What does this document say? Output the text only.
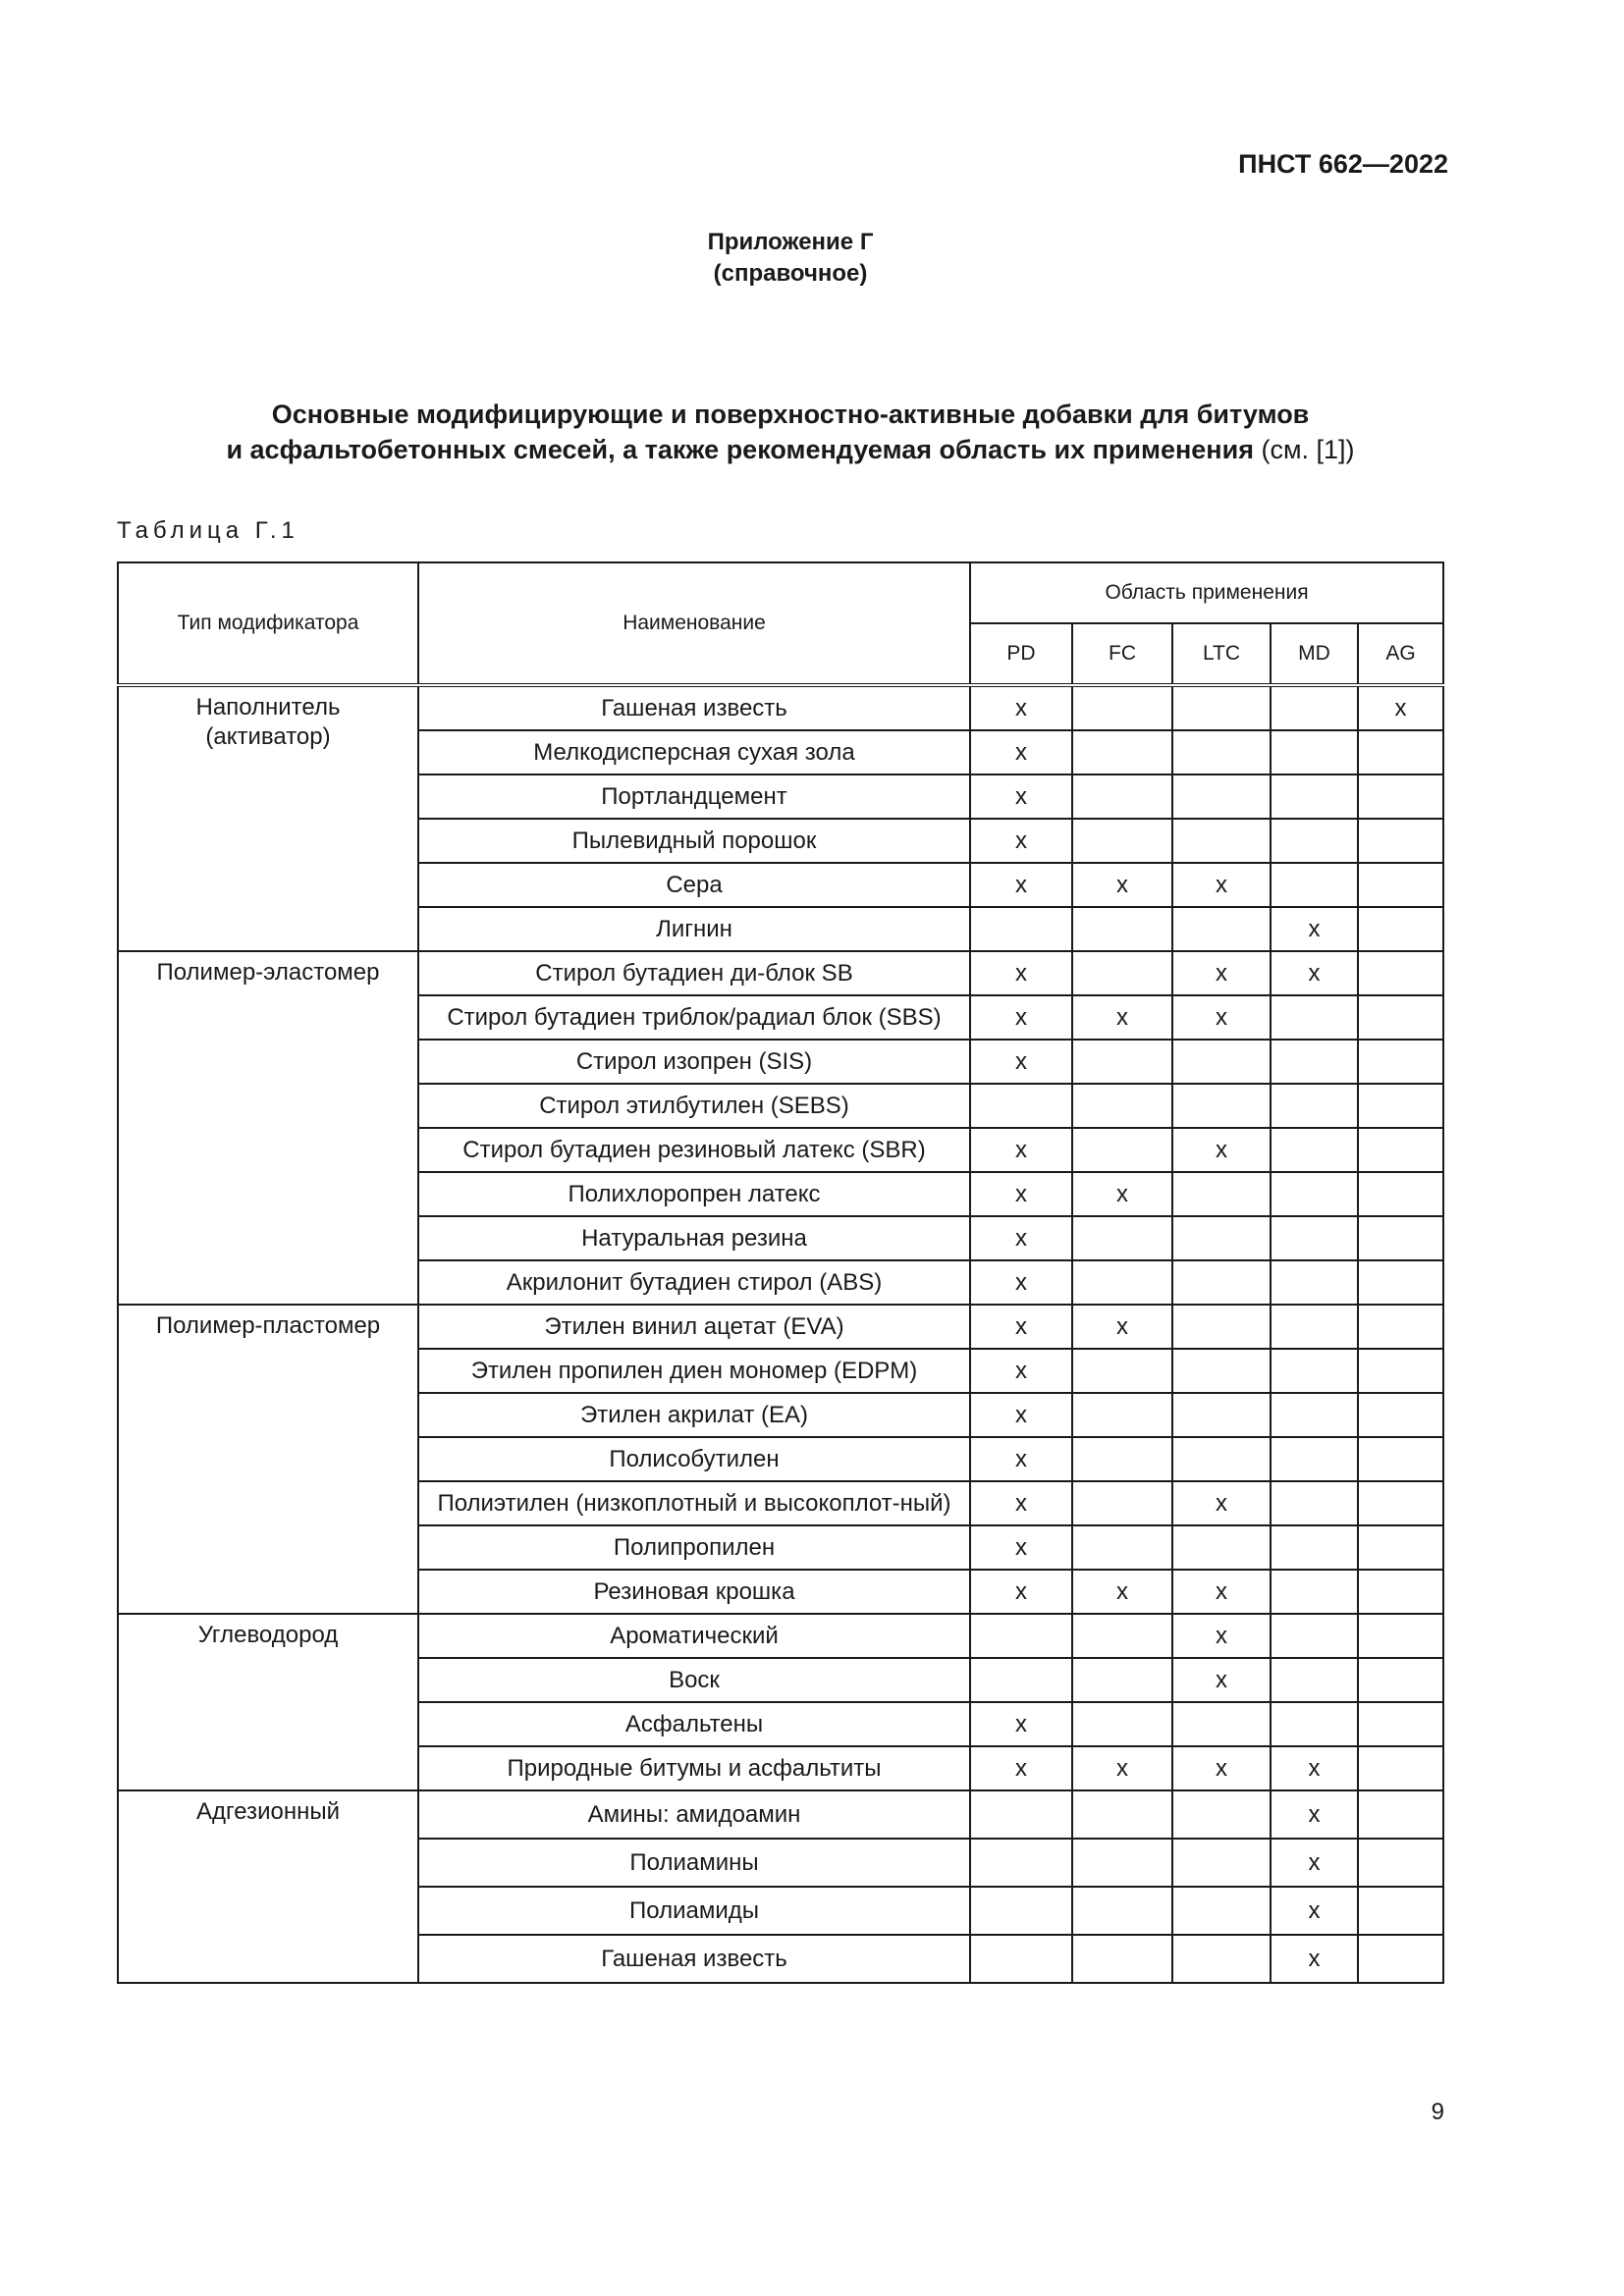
ПНСТ 662—2022
Приложение Г
(справочное)
Основные модифицирующие и поверхностно-активные добавки для битумов
и асфальтобетонных смесей, а также рекомендуемая область их применения (см. [1])
Таблица Г.1
Тип модификатора	Наименование	Область применения				
		PD	FC	LTC	MD	AG
Наполнитель
(активатор)	Гашеная известь	x				x
	Мелкодисперсная сухая зола	x				
	Портландцемент	x				
	Пылевидный порошок	x				
	Сера	x	x	x		
	Лигнин				x	
Полимер-эластомер	Стирол бутадиен ди-блок SB	x		x	x	
	Стирол бутадиен триблок/радиал блок (SBS)	x	x	x		
	Стирол изопрен (SIS)	x				
	Стирол этилбутилен (SEBS)					
	Стирол бутадиен резиновый латекс (SBR)	x		x		
	Полихлоропрен латекс	x	x			
	Натуральная резина	x				
	Акрилонит бутадиен стирол (ABS)	x				
Полимер-пластомер	Этилен винил ацетат (EVA)	x	x			
	Этилен пропилен диен мономер (EDPM)	x				
	Этилен акрилат (EA)	x				
	Полисобутилен	x				
	Полиэтилен (низкоплотный и высокоплот-ный)	x		x		
	Полипропилен	x				
	Резиновая крошка	x	x	x		
Углеводород	Ароматический			x		
	Воск			x		
	Асфальтены	x				
	Природные битумы и асфальтиты	x	x	x	x	
Адгезионный	Амины: амидоамин				x	
	Полиамины				x	
	Полиамиды				x	
	Гашеная известь				x	
9
